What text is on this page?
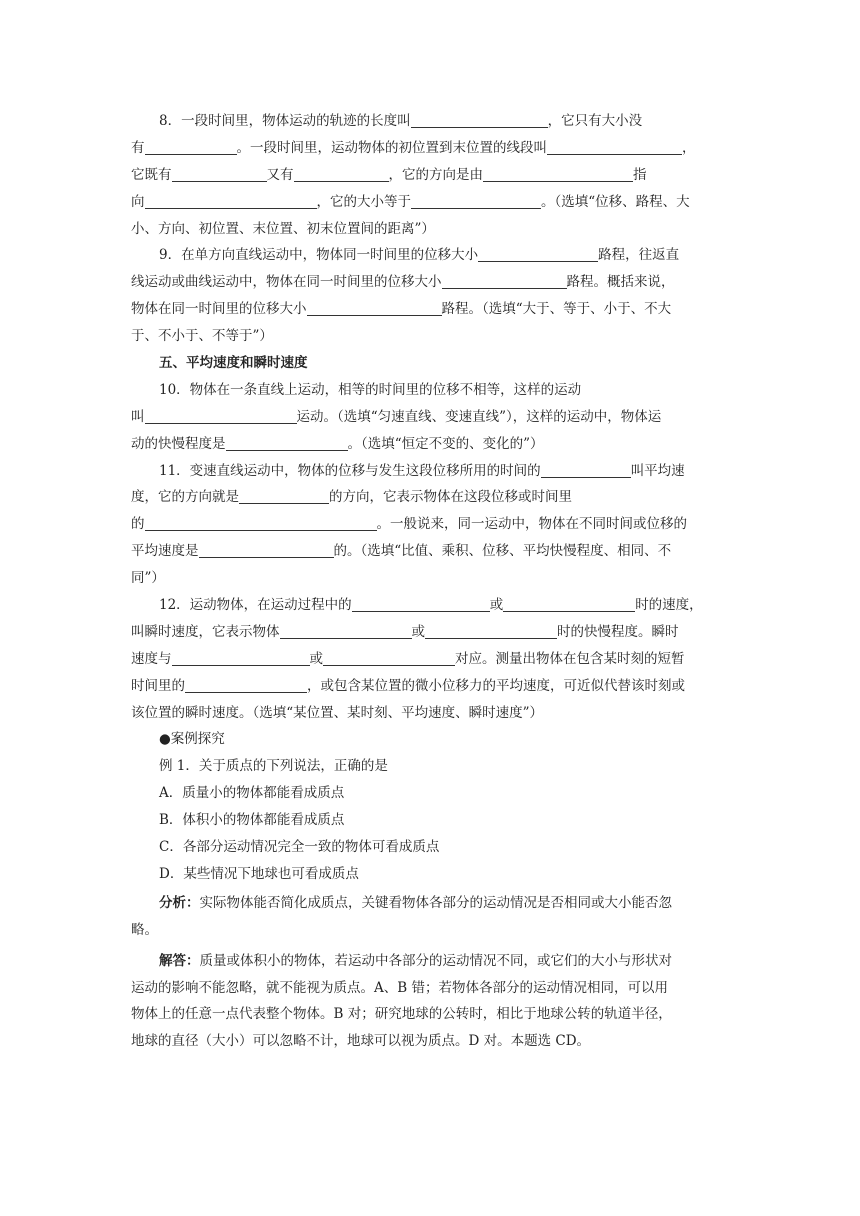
8．一段时间里，物体运动的轨迹的长度叫	，它只有大小没
有	。一段时间里，运动物体的初位置到末位置的线段叫	，
它既有	又有	，它的方向是由	指
向	，它的大小等于	。（选填“位移、路程、大
小、方向、初位置、末位置、初末位置间的距离”）
9．在单方向直线运动中，物体同一时间里的位移大小	路程，往返直
线运动或曲线运动中，物体在同一时间里的位移大小	路程。概括来说，
物体在同一时间里的位移大小	路程。（选填“大于、等于、小于、不大
于、不小于、不等于”）
五、平均速度和瞬时速度
10．物体在一条直线上运动，相等的时间里的位移不相等，这样的运动
叫	运动。（选填“匀速直线、变速直线”），这样的运动中，物体运
动的快慢程度是	。（选填“恒定不变的、变化的”）
11．变速直线运动中，物体的位移与发生这段位移所用的时间的	叫平均速
度，它的方向就是	的方向，它表示物体在这段位移或时间里
的	。一般说来，同一运动中，物体在不同时间或位移的
平均速度是	的。（选填“比值、乘积、位移、平均快慢程度、相同、不
同”）
12．运动物体，在运动过程中的	或	时的速度，
叫瞬时速度，它表示物体	或	时的快慢程度。瞬时
速度与	或	对应。测量出物体在包含某时刻的短暂
时间里的	，或包含某位置的微小位移力的平均速度，可近似代替该时刻或
该位置的瞬时速度。（选填“某位置、某时刻、平均速度、瞬时速度”）
●案例探究
例 1．关于质点的下列说法，正确的是
A．质量小的物体都能看成质点
B．体积小的物体都能看成质点
C．各部分运动情况完全一致的物体可看成质点
D．某些情况下地球也可看成质点
分析：实际物体能否简化成质点，关键看物体各部分的运动情况是否相同或大小能否忽
略。
解答：质量或体积小的物体，若运动中各部分的运动情况不同，或它们的大小与形状对
运动的影响不能忽略，就不能视为质点。A、B 错；若物体各部分的运动情况相同，可以用
物体上的任意一点代表整个物体。B 对；研究地球的公转时，相比于地球公转的轨道半径，
地球的直径（大小）可以忽略不计，地球可以视为质点。D 对。本题选 CD。
